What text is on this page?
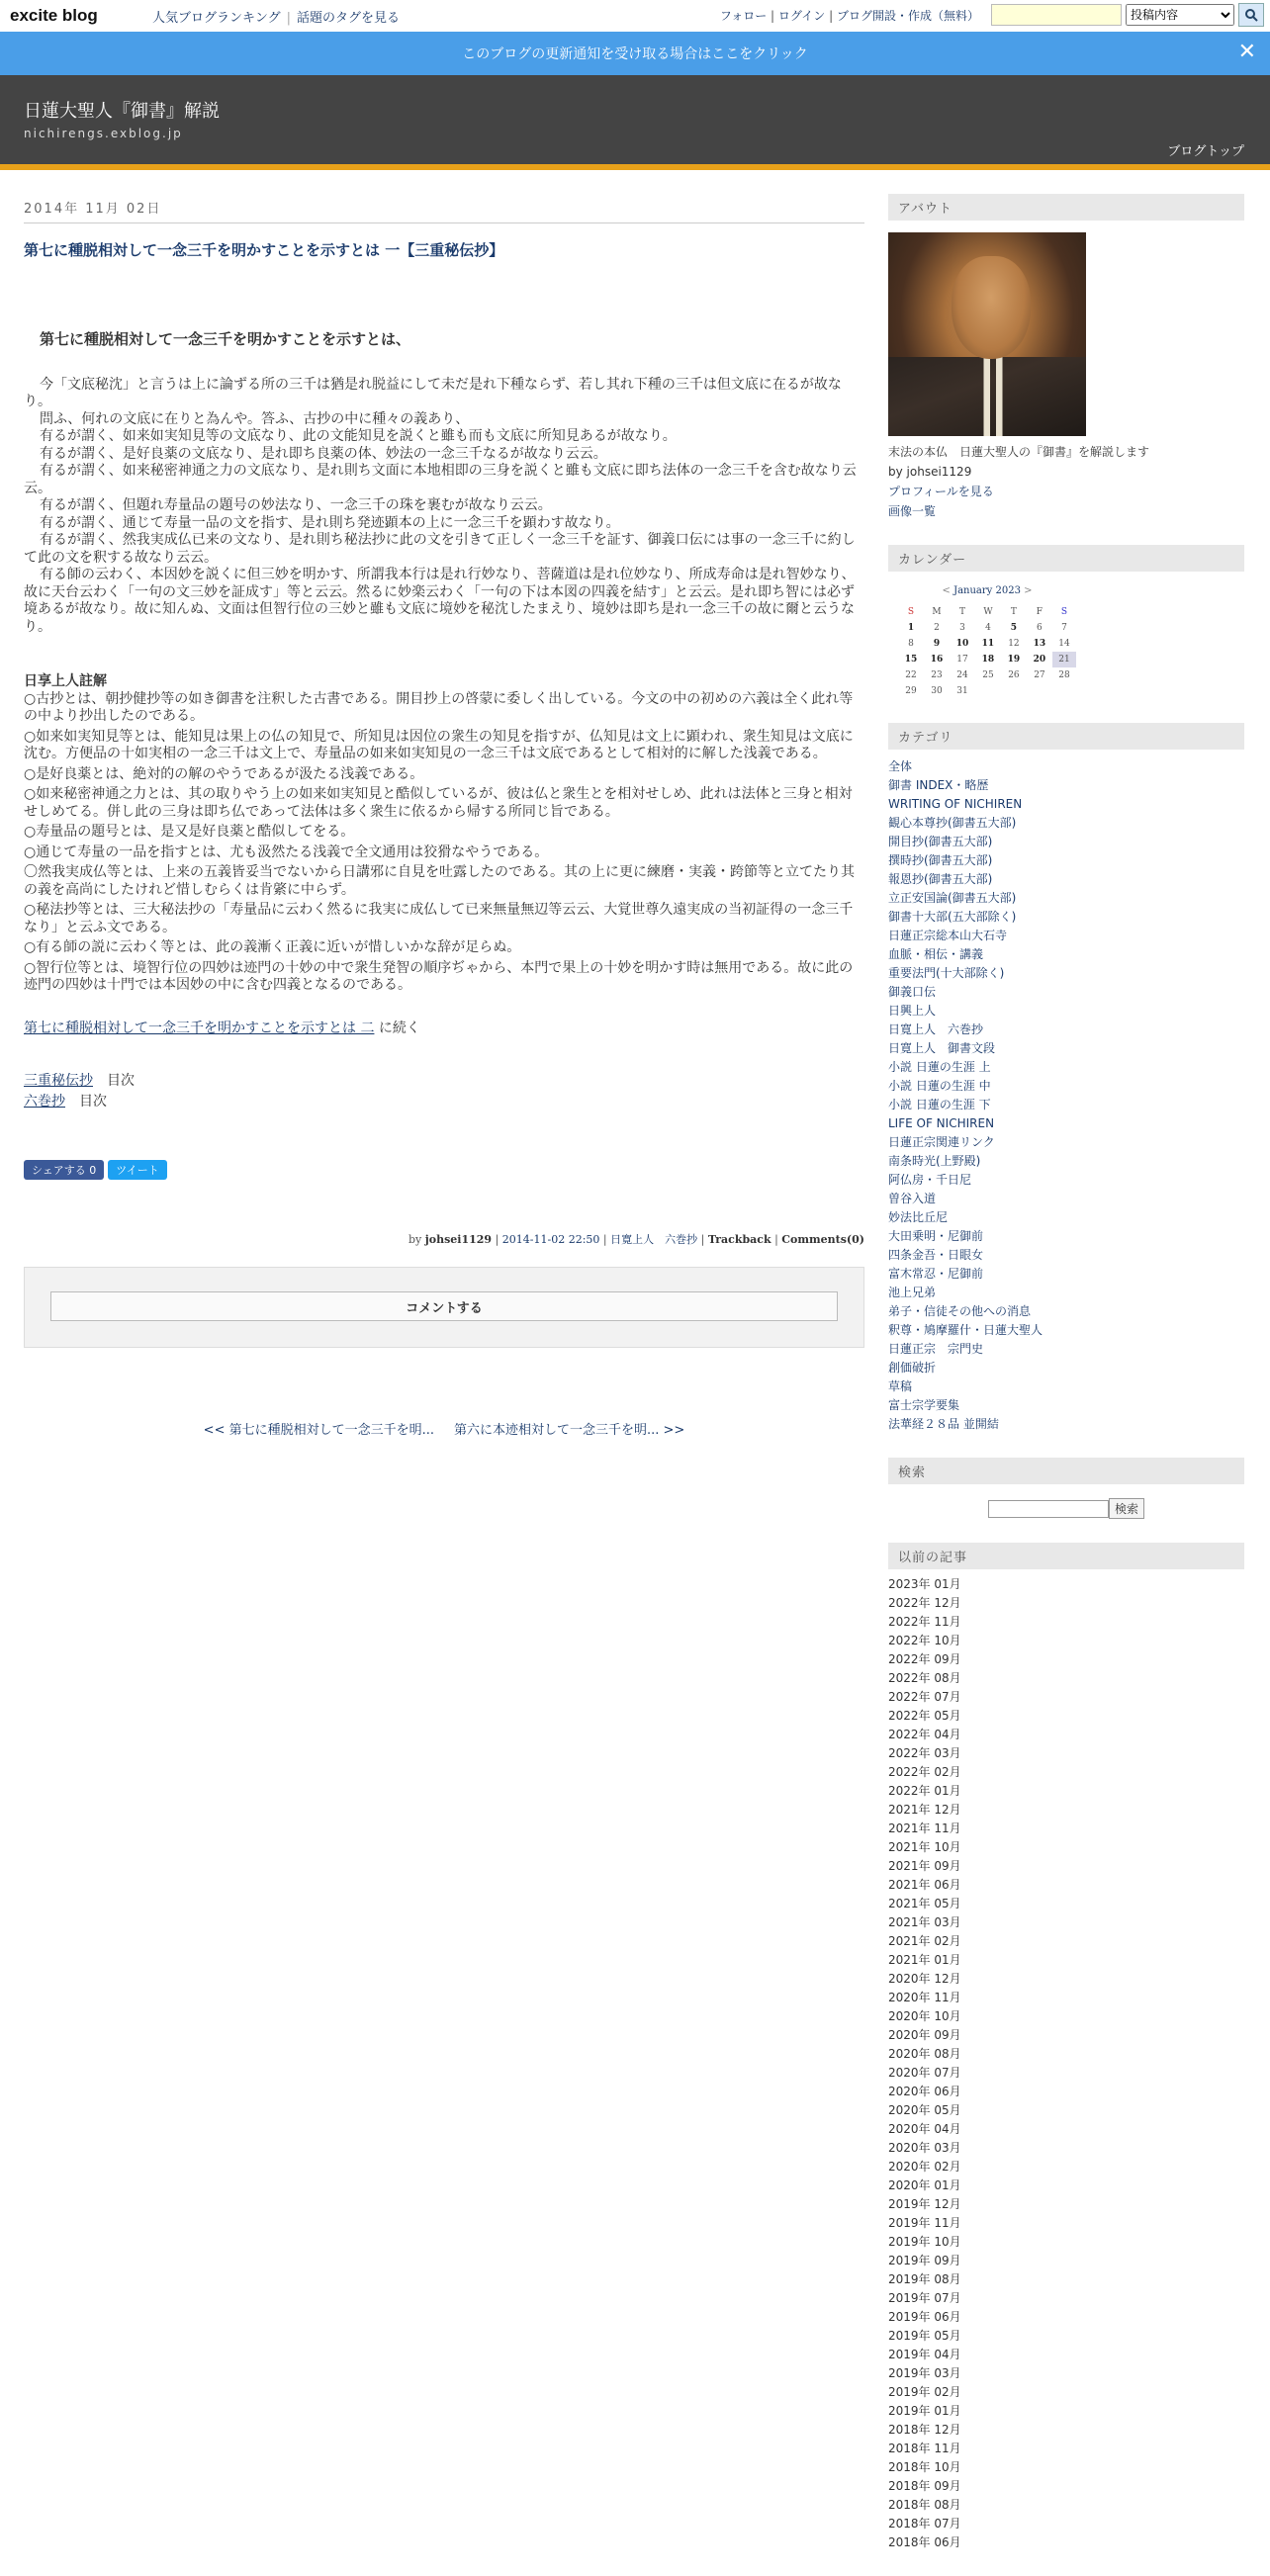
excite blog	人気ブログランキング | 話題のタグを見る	フォロー | ログイン | ブログ開設・作成（無料）
投稿内容
このブログの更新通知を受け取る場合はここをクリック	✕
日蓮大聖人『御書』解説
nichirengs.exblog.jp
ブログトップ
2014年 11月 02日
第七に種脱相対して一念三千を明かすことを示すとは 一【三重秘伝抄】
第七に種脱相対して一念三千を明かすことを示すとは、

今「文底秘沈」と言うは上に論ずる所の三千は猶是れ脱益にして未だ是れ下種ならず、若し其れ下種の三千は但文底に在るが故なり。

問ふ、何れの文底に在りと為んや。答ふ、古抄の中に種々の義あり、

有るが謂く、如来如実知見等の文底なり、此の文能知見を説くと雖も而も文底に所知見あるが故なり。

有るが謂く、是好良薬の文底なり、是れ即ち良薬の体、妙法の一念三千なるが故なり云云。

有るが謂く、如来秘密神通之力の文底なり、是れ則ち文面に本地相即の三身を説くと雖も文底に即ち法体の一念三千を含む故なり云云。

有るが謂く、但題れ寿量品の題号の妙法なり、一念三千の珠を裹むが故なり云云。

有るが謂く、通じて寿量一品の文を指す、是れ則ち発迹顕本の上に一念三千を顕わす故なり。

有るが謂く、然我実成仏已来の文なり、是れ則ち秘法抄に此の文を引きて正しく一念三千を証す、御義口伝には事の一念三千に約して此の文を釈する故なり云云。

有る師の云わく、本因妙を説くに但三妙を明かす、所謂我本行は是れ行妙なり、菩薩道は是れ位妙なり、所成寿命は是れ智妙なり、故に天台云わく「一句の文三妙を証成す」等と云云。然るに妙楽云わく「一句の下は本図の四義を結す」と云云。是れ即ち智には必ず境あるが故なり。故に知んぬ、文面は但智行位の三妙と雖も文底に境妙を秘沈したまえり、境妙は即ち是れ一念三千の故に爾と云うなり。

日享上人註解

○古抄とは、朝抄健抄等の如き御書を注釈した古書である。開目抄上の啓蒙に委しく出している。今文の中の初めの六義は全く此れ等の中より抄出したのである。

○如来如実知見等とは、能知見は果上の仏の知見で、所知見は因位の衆生の知見を指すが、仏知見は文上に顕われ、衆生知見は文底に沈む。方便品の十如実相の一念三千は文上で、寿量品の如来如実知見の一念三千は文底であるとして相対的に解した浅義である。

○是好良薬とは、絶対的の解のやうであるが汲たる浅義である。

○如来秘密神通之力とは、其の取りやう上の如来如実知見と酷似しているが、彼は仏と衆生とを相対せしめ、此れは法体と三身と相対せしめてる。併し此の三身は即ち仏であって法体は多く衆生に依るから帰する所同じ旨である。

○寿量品の題号とは、是又是好良薬と酷似してをる。

○通じて寿量の一品を指すとは、尤も汲然たる浅義で全文通用は狡猾なやうである。

〇然我実成仏等とは、上来の五義皆妥当でないから日講邪に自見を吐露したのである。其の上に更に練磨・実義・跨節等と立てたり其の義を高尚にしたけれど惜しむらくは肯綮に中らず。

○秘法抄等とは、三大秘法抄の「寿量品に云わく然るに我実に成仏して已来無量無辺等云云、大覚世尊久遠実成の当初証得の一念三千なり」と云ふ文である。

○有る師の説に云わく等とは、此の義漸く正義に近いが惜しいかな辞が足らぬ。

○智行位等とは、境智行位の四妙は迹門の十妙の中で衆生発智の順序ぢゃから、本門で果上の十妙を明かす時は無用である。故に此の迹門の四妙は十門では本因妙の中に含む四義となるのである。

第七に種脱相対して一念三千を明かすことを示すとは 二 に続く
三重秘伝抄　 目次
六巻抄　 目次
シェアする 0	ツイート
by johsei1129 | 2014-11-02 22:50 | 日寛上人　六巻抄 | Trackback | Comments(0)
コメントする
<< 第七に種脱相対して一念三千を明... 第六に本迹相対して一念三千を明... >>
アバウト
末法の本仏　日蓮大聖人の『御書』を解説します
by johsei1129
プロフィールを見る
画像一覧
カレンダー
< January 2023 >
S	M	T	W	T	F	S
1	2	3	4	5	6	7
8	9	10	11	12	13	14
15	16	17	18	19	20	21
22	23	24	25	26	27	28
29	30	31				
カテゴリ
全体
御書 INDEX・略歴
WRITING OF NICHIREN
観心本尊抄(御書五大部)
開目抄(御書五大部)
撰時抄(御書五大部)
報恩抄(御書五大部)
立正安国論(御書五大部)
御書十大部(五大部除く)
日蓮正宗総本山大石寺
血脈・相伝・講義
重要法門(十大部除く)
御義口伝
日興上人
日寛上人　六巻抄
日寛上人　御書文段
小説 日蓮の生涯 上
小説 日蓮の生涯 中
小説 日蓮の生涯 下
LIFE OF NICHIREN
日蓮正宗関連リンク
南条時光(上野殿)
阿仏房・千日尼
曽谷入道
妙法比丘尼
大田乗明・尼御前
四条金吾・日眼女
富木常忍・尼御前
池上兄弟
弟子・信徒その他への消息
釈尊・鳩摩羅什・日蓮大聖人
日蓮正宗　宗門史
創価破折
草稿
富士宗学要集
法華経２８品 並開結
検索
検索
以前の記事
2023年 01月
2022年 12月
2022年 11月
2022年 10月
2022年 09月
2022年 08月
2022年 07月
2022年 05月
2022年 04月
2022年 03月
2022年 02月
2022年 01月
2021年 12月
2021年 11月
2021年 10月
2021年 09月
2021年 06月
2021年 05月
2021年 03月
2021年 02月
2021年 01月
2020年 12月
2020年 11月
2020年 10月
2020年 09月
2020年 08月
2020年 07月
2020年 06月
2020年 05月
2020年 04月
2020年 03月
2020年 02月
2020年 01月
2019年 12月
2019年 11月
2019年 10月
2019年 09月
2019年 08月
2019年 07月
2019年 06月
2019年 05月
2019年 04月
2019年 03月
2019年 02月
2019年 01月
2018年 12月
2018年 11月
2018年 10月
2018年 09月
2018年 08月
2018年 07月
2018年 06月
